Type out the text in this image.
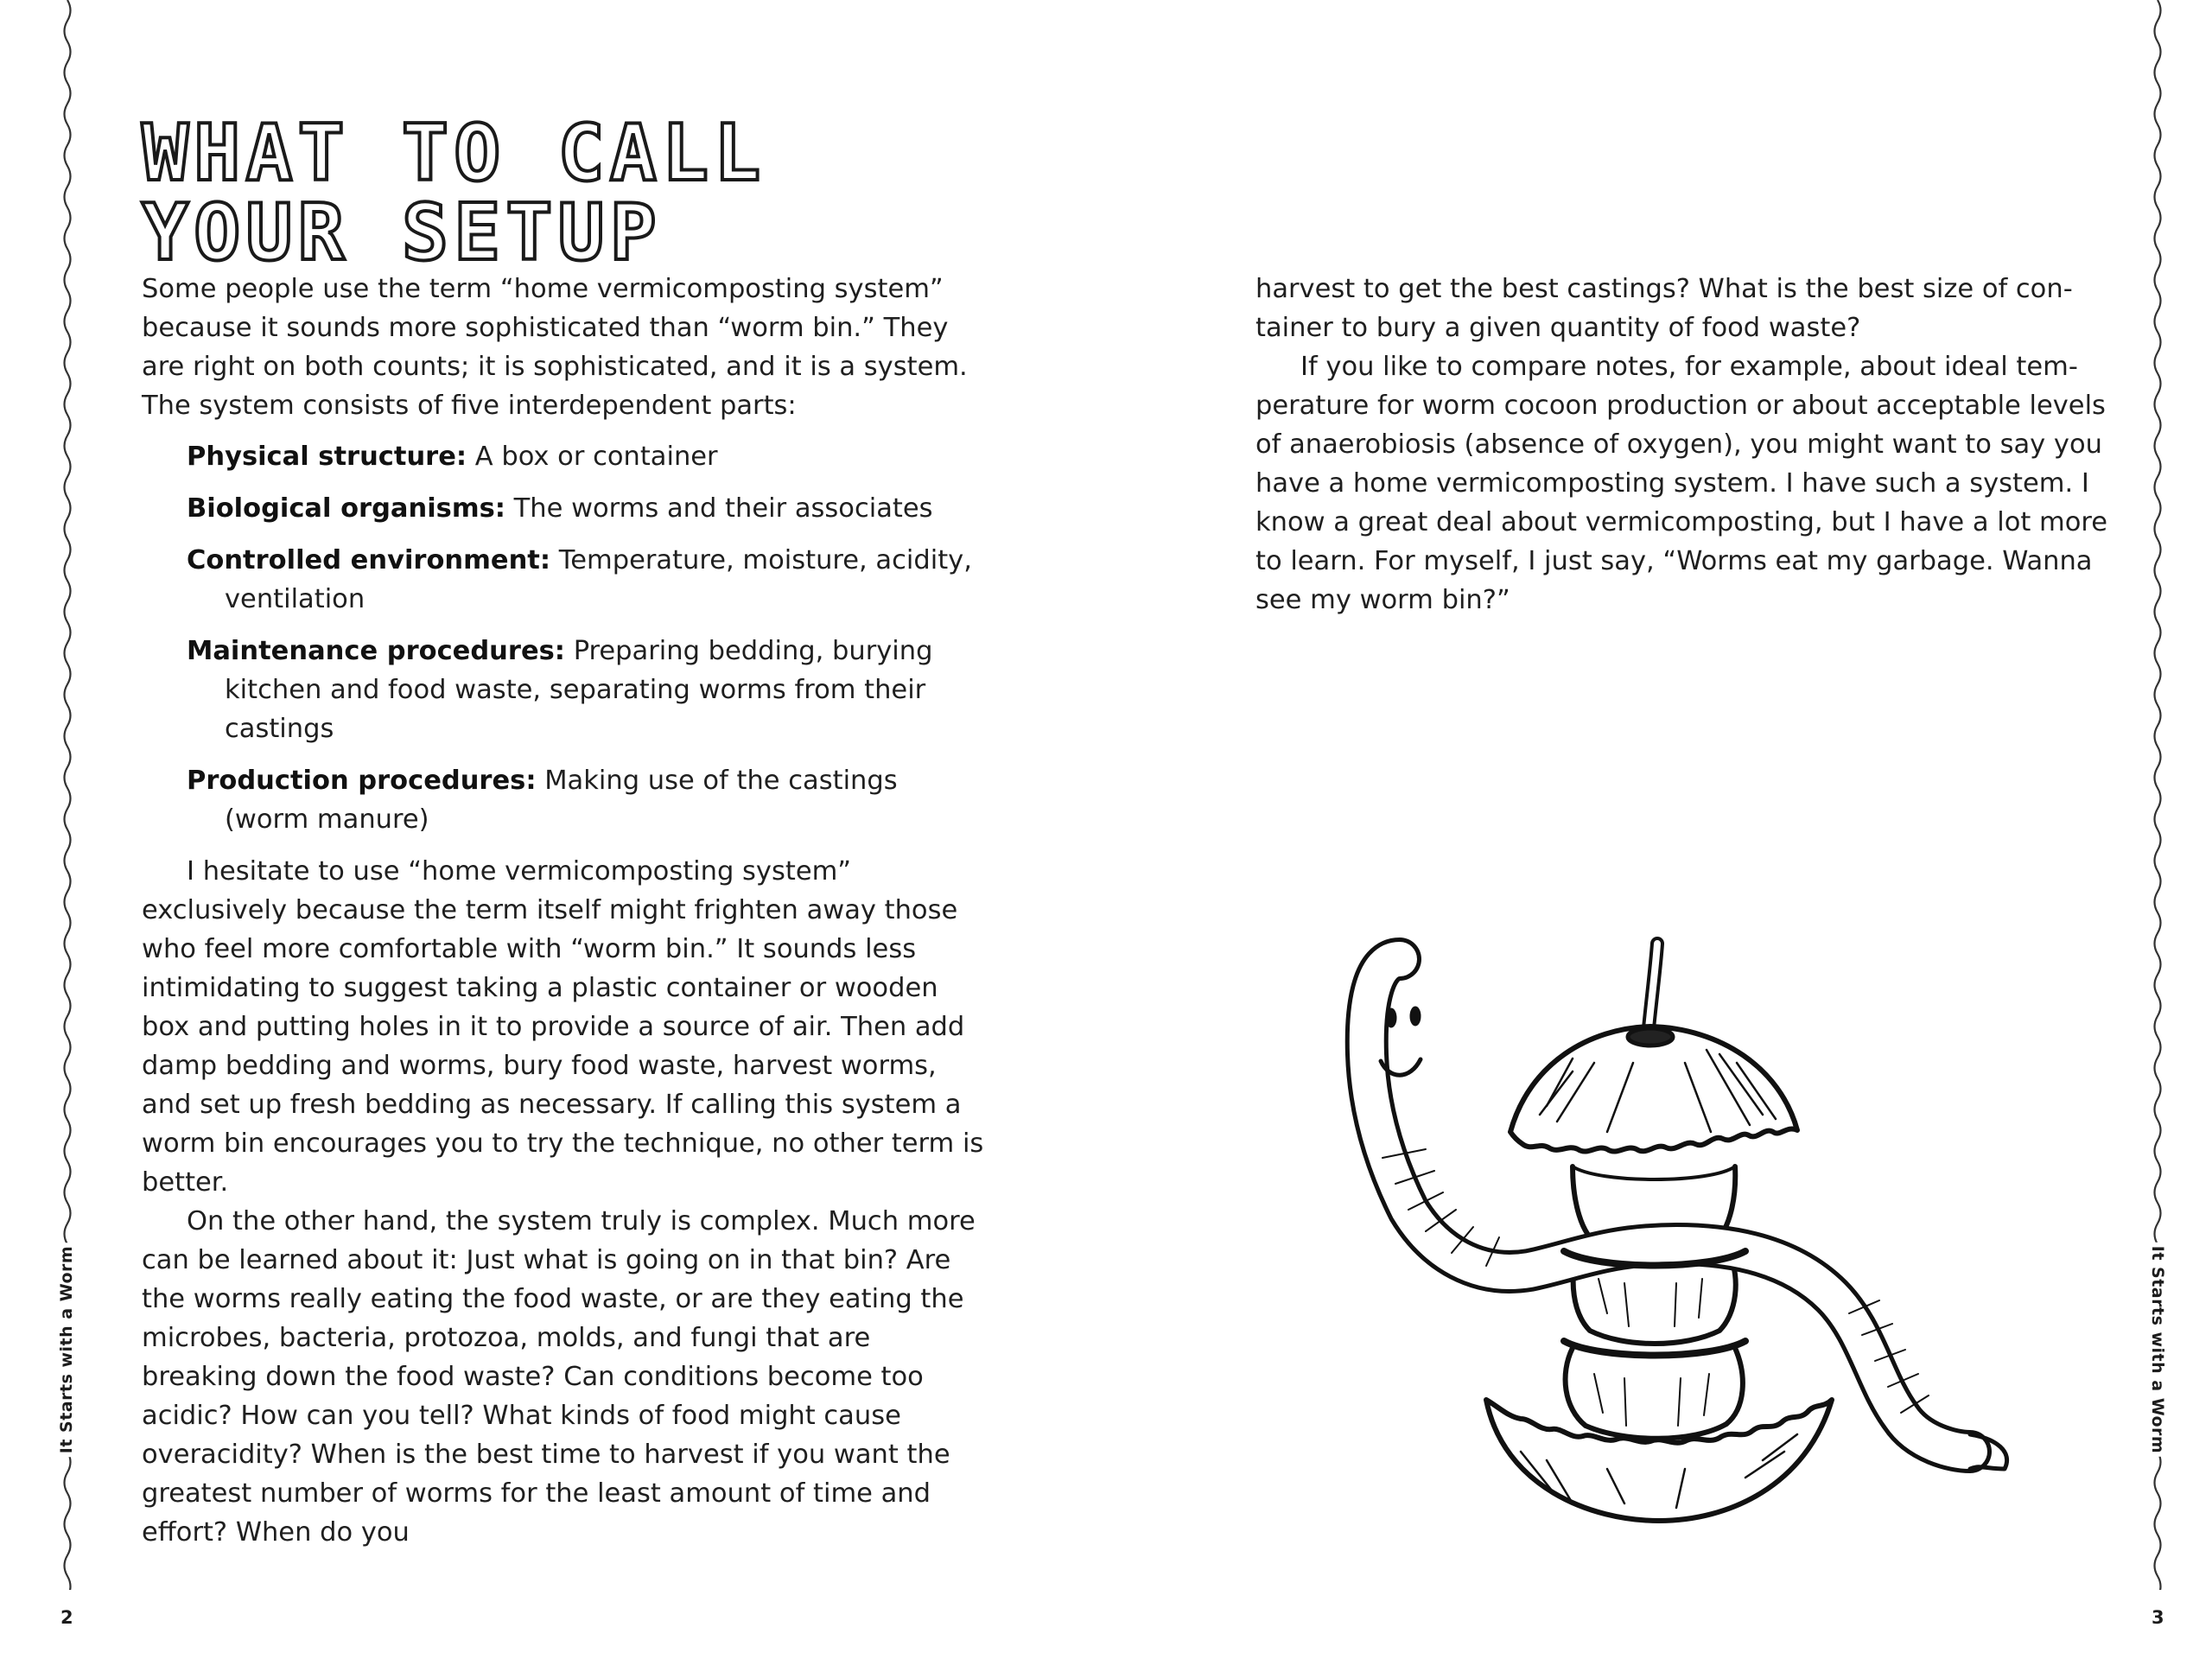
It Starts with a Worm	It Starts with a Worm
2	3
WHAT TO CALL
YOUR SETUP

Some people use the term “home vermicomposting system” because it sounds more sophisticated than “worm bin.” They are right on both counts; it is sophisticated, and it is a system. The system consists of five interdependent parts:

Physical structure: A box or container
Biological organisms: The worms and their associates
Controlled environment: Temperature, moisture, acidity, ventilation
Maintenance procedures: Preparing bedding, burying kitchen and food waste, separating worms from their castings
Production procedures: Making use of the castings (worm manure)

I hesitate to use “home vermicomposting system” exclusively because the term itself might frighten away those who feel more comfortable with “worm bin.” It sounds less intimidating to suggest taking a plastic container or wooden box and putting holes in it to provide a source of air. Then add damp bedding and worms, bury food waste, harvest worms, and set up fresh bedding as necessary. If calling this system a worm bin encourages you to try the technique, no other term is better.

On the other hand, the system truly is complex. Much more can be learned about it: Just what is going on in that bin? Are the worms really eating the food waste, or are they eating the microbes, bacteria, protozoa, molds, and fungi that are breaking down the food waste? Can conditions become too acidic? How can you tell? What kinds of food might cause overacidity? When is the best time to harvest if you want the greatest number of worms for the least amount of time and effort? When do you

harvest to get the best castings? What is the best size of container to bury a given quantity of food waste?

If you like to compare notes, for example, about ideal temperature for worm cocoon production or about acceptable levels of anaerobiosis (absence of oxygen), you might want to say you have a home vermicomposting system. I have such a system. I know a great deal about vermicomposting, but I have a lot more to learn. For myself, I just say, “Worms eat my garbage. Wanna see my worm bin?”
